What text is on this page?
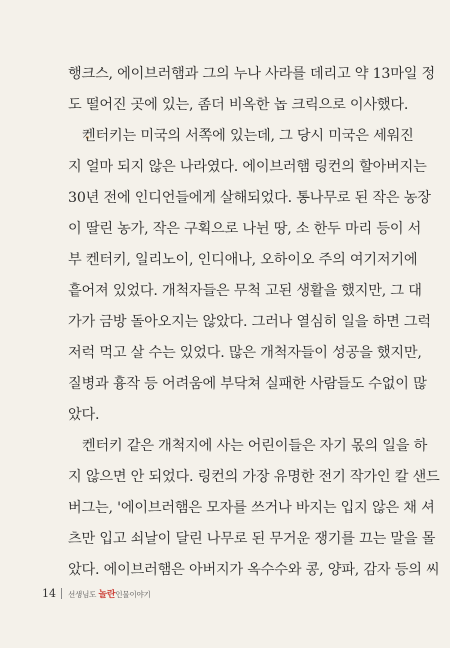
행크스, 에이브러햄과 그의 누나 사라를 데리고 약 13마일 정
도 떨어진 곳에 있는, 좀더 비옥한 놉 크릭으로 이사했다.
켄터키는 미국의 서쪽에 있는데, 그 당시 미국은 세워진
지 얼마 되지 않은 나라였다. 에이브러햄 링컨의 할아버지는
30년 전에 인디언들에게 살해되었다. 통나무로 된 작은 농장
이 딸린 농가, 작은 구획으로 나뉜 땅, 소 한두 마리 등이 서
부 켄터키, 일리노이, 인디애나, 오하이오 주의 여기저기에
흩어져 있었다. 개척자들은 무척 고된 생활을 했지만, 그 대
가가 금방 돌아오지는 않았다. 그러나 열심히 일을 하면 그럭
저럭 먹고 살 수는 있었다. 많은 개척자들이 성공을 했지만,
질병과 흉작 등 어려움에 부닥쳐 실패한 사람들도 수없이 많
았다.
켄터키 같은 개척지에 사는 어린이들은 자기 몫의 일을 하
지 않으면 안 되었다. 링컨의 가장 유명한 전기 작가인 칼 샌드
버그는, '에이브러햄은 모자를 쓰거나 바지는 입지 않은 채 셔
츠만 입고 쇠날이 달린 나무로 된 무거운 쟁기를 끄는 말을 몰
았다. 에이브러햄은 아버지가 옥수수와 콩, 양파, 감자 등의 씨
14 선생님도 놀란인물이야기
